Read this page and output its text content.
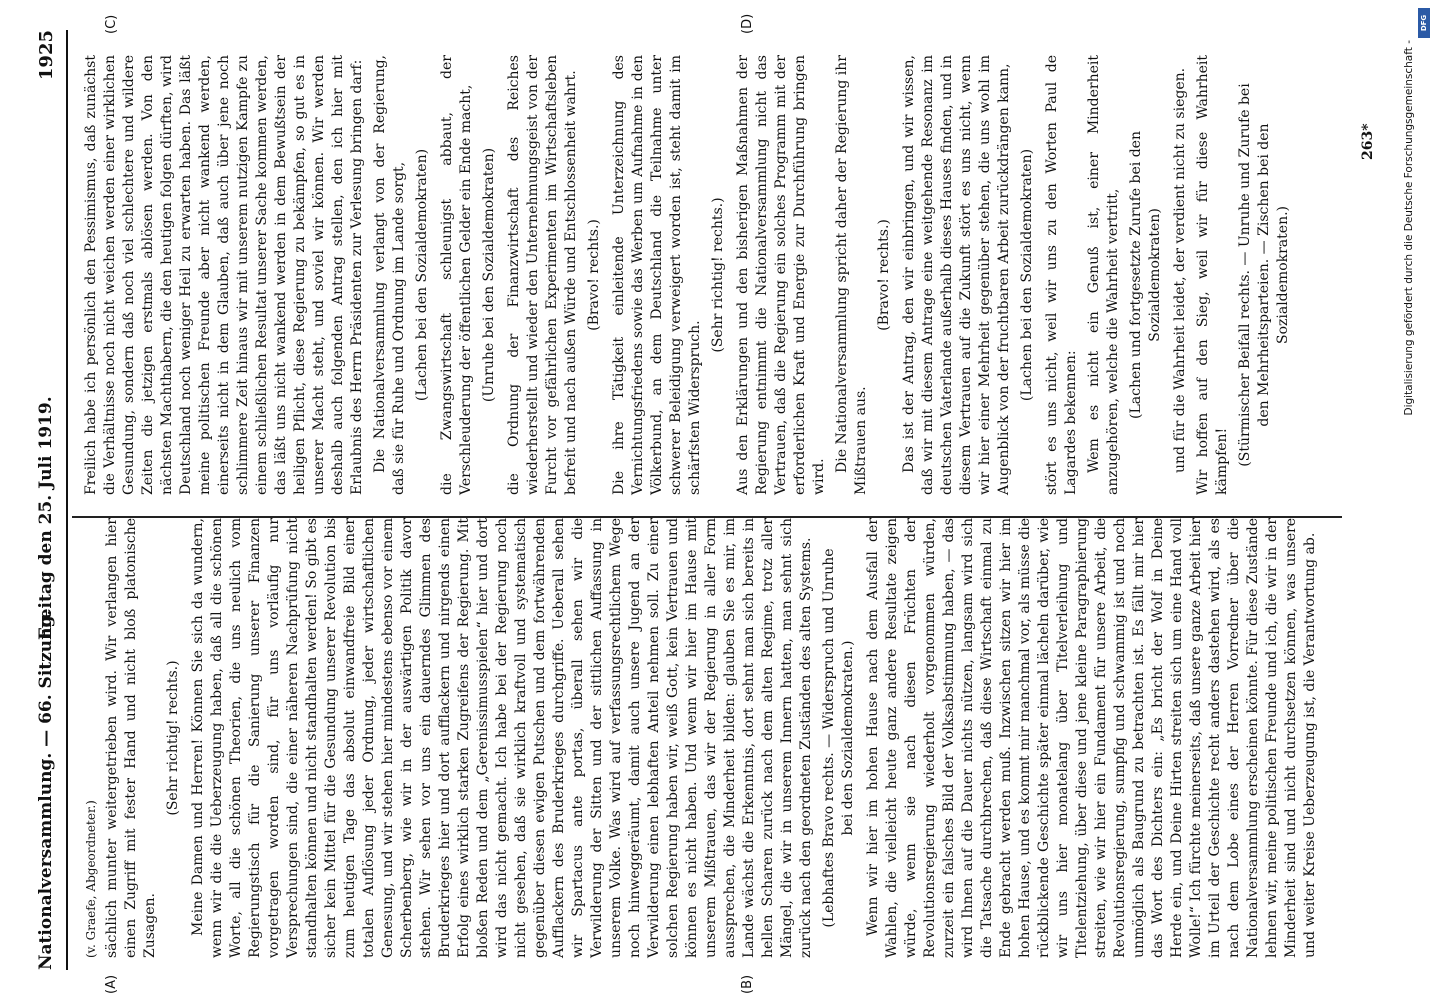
Nationalversammlung. — 66. Sitzung.
Freitag den 25. Juli 1919.
1925

(v. Graefe, Abgeordneter.) sächlich munter weitergetrieben wird. Wir verlangen hier einen Zugriff mit fester Hand und nicht bloß platonische Zusagen.

(Sehr richtig! rechts.) Meine Damen und Herren! Können Sie sich da wundern, wenn wir die die Ueberzeugung haben, daß all die schönen Worte, all die schönen Theorien, die uns neulich vom Regierungstisch für die Sanierung unserer Finanzen vorgetragen worden sind, für uns vorläufig nur Versprechungen sind, die einer näheren Nachprüfung nicht standhalten können und nicht standhalten werden! So gibt es sicher kein Mittel für die Gesundung unserer Revolution bis zum heutigen Tage das absolut einwandfreie Bild einer totalen Auflösung jeder Ordnung, jeder wirtschaftlichen Genesung, und wir stehen hier mindestens ebenso vor einem Scherbenberg, wie wir in der auswärtigen Politik davor stehen. Wir sehen vor uns ein dauerndes Glimmen des Bruderkrieges hier und dort aufflackern und nirgends einen Erfolg eines wirklich starken Zugreifens der Regierung. Mit bloßen Reden und dem „Gerenissimusspielen“ hier und dort wird das nicht gemacht. Ich habe bei der Regierung noch nicht gesehen, daß sie wirklich kraftvoll und systematisch gegenüber diesen ewigen Putschen und dem fortwährenden Aufflackern des Bruderkrieges durchgriffe. Ueberall sehen wir Spartacus ante portas, überall sehen wir die Verwilderung der Sitten und der sittlichen Auffassung in unserem Volke. Was wird auf verfassungsrechtlichem Wege noch hinweggeräumt, damit auch unsere Jugend an der Verwilderung einen lebhaften Anteil nehmen soll. Zu einer solchen Regierung haben wir, weiß Gott, kein Vertrauen und können es nicht haben. Und wenn wir hier im Hause mit unserem Mißtrauen, das wir der Regierung in aller Form aussprechen, die Minderheit bilden: glauben Sie es mir, im Lande wächst die Erkenntnis, dort sehnt man sich bereits in hellen Scharen zurück nach dem alten Regime, trotz aller Mängel, die wir in unserem Innern hatten, man sehnt sich zurück nach den geordneten Zuständen des alten Systems. (Lebhaftes Bravo rechts. — Widerspruch und Unruhe bei den Sozialdemokraten.) Wenn wir hier im hohen Hause nach dem Ausfall der Wahlen, die vielleicht heute ganz andere Resultate zeigen würde, wenn sie nach diesen Früchten der Revolutionsregierung wiederholt vorgenommen würden, zurzeit ein falsches Bild der Volksabstimmung haben, — das wird Ihnen auf die Dauer nichts nützen, langsam wird sich die Tatsache durchbrechen, daß diese Wirtschaft einmal zu Ende gebracht werden muß. Inzwischen sitzen wir hier im hohen Hause, und es kommt mir manchmal vor, als müsse die rückblickende Geschichte später einmal lächeln darüber, wie wir uns hier monatelang über Titelverleihung und Titelentziehung, über diese und jene kleine Paragraphierung streiten, wie wir hier ein Fundament für unsere Arbeit, die Revolutionsregierung, sumpfig und schwammig ist und noch unmöglich als Baugrund zu betrachten ist. Es fällt mir hier das Wort des Dichters ein: „Es bricht der Wolf in Deine Herde ein, und Deine Hirten streiten sich um eine Hand voll Wolle!“ Ich fürchte meinerseits, daß unsere ganze Arbeit hier im Urteil der Geschichte recht anders dastehen wird, als es nach dem Lobe eines der Herren Vorredner über die Nationalversammlung erscheinen könnte. Für diese Zustände lehnen wir, meine politischen Freunde und ich, die wir in der Minderheit sind und nicht durchsetzen können, was unsere und weiter Kreise Ueberzeugung ist, die Verantwortung ab.

Freilich habe ich persönlich den Pessimismus, daß zunächst die Verhältnisse noch nicht weichen werden einer wirklichen Gesundung, sondern daß noch viel schlechtere und wildere Zeiten die jetzigen erstmals ablösen werden. Von den nächsten Machthabern, die den heutigen folgen dürften, wird Deutschland noch weniger Heil zu erwarten haben. Das läßt meine politischen Freunde aber nicht wankend werden, einerseits nicht in dem Glauben, daß auch über jene noch schlimmere Zeit hinaus wir mit unserem nutzigen Kampfe zu einem schließlichen Resultat unserer Sache kommen werden, das läßt uns nicht wankend werden in dem Bewußtsein der heiligen Pflicht, diese Regierung zu bekämpfen, so gut es in unserer Macht steht, und soviel wir können. Wir werden deshalb auch folgenden Antrag stellen, den ich hier mit Erlaubnis des Herrn Präsidenten zur Verlesung bringen darf: Die Nationalversammlung verlangt von der Regierung, daß sie für Ruhe und Ordnung im Lande sorgt, (Lachen bei den Sozialdemokraten) die Zwangswirtschaft schleunigst abbaut, der Verschleuderung der öffentlichen Gelder ein Ende macht, (Unruhe bei den Sozialdemokraten) die Ordnung der Finanzwirtschaft des Reiches wiederherstellt und wieder den Unternehmungsgeist von der Furcht vor gefährlichen Experimenten im Wirtschaftsleben befreit und nach außen Würde und Entschlossenheit wahrt. (Bravo! rechts.) Die ihre Tätigkeit einleitende Unterzeichnung des Vernichtungsfriedens sowie das Werben um Aufnahme in den Völkerbund, an dem Deutschland die Teilnahme unter schwerer Beleidigung verweigert worden ist, steht damit im schärfsten Widerspruch.

(Sehr richtig! rechts.) Aus den Erklärungen und den bisherigen Maßnahmen der Regierung entnimmt die Nationalversammlung nicht das Vertrauen, daß die Regierung ein solches Programm mit der erforderlichen Kraft und Energie zur Durchführung bringen wird.

Die Nationalversammlung spricht daher der Regierung ihr Mißtrauen aus.

(Bravo! rechts.) Das ist der Antrag, den wir einbringen, und wir wissen, daß wir mit diesem Antrage eine weitgehende Resonanz im deutschen Vaterlande außerhalb dieses Hauses finden, und in diesem Vertrauen auf die Zukunft stört es uns nicht, wenn wir hier einer Mehrheit gegenüber stehen, die uns wohl im Augenblick von der fruchtbaren Arbeit zurückdrängen kann, (Lachen bei den Sozialdemokraten) stört es uns nicht, weil wir uns zu den Worten Paul de Lagardes bekennen: Wem es nicht ein Genuß ist, einer Minderheit anzugehören, welche die Wahrheit vertritt, (Lachen und fortgesetzte Zurufe bei den Sozialdemokraten) und für die Wahrheit leidet, der verdient nicht zu siegen. Wir hoffen auf den Sieg, weil wir für diese Wahrheit kämpfen! (Stürmischer Beifall rechts. — Unruhe und Zurufe bei den Mehrheitsparteien. — Zischen bei den Sozialdemokraten.)

(A)	(B)
(C)	(D)
263*	Digitalisierung gefördert durch die Deutsche Forschungsgemeinschaft -
DFG
